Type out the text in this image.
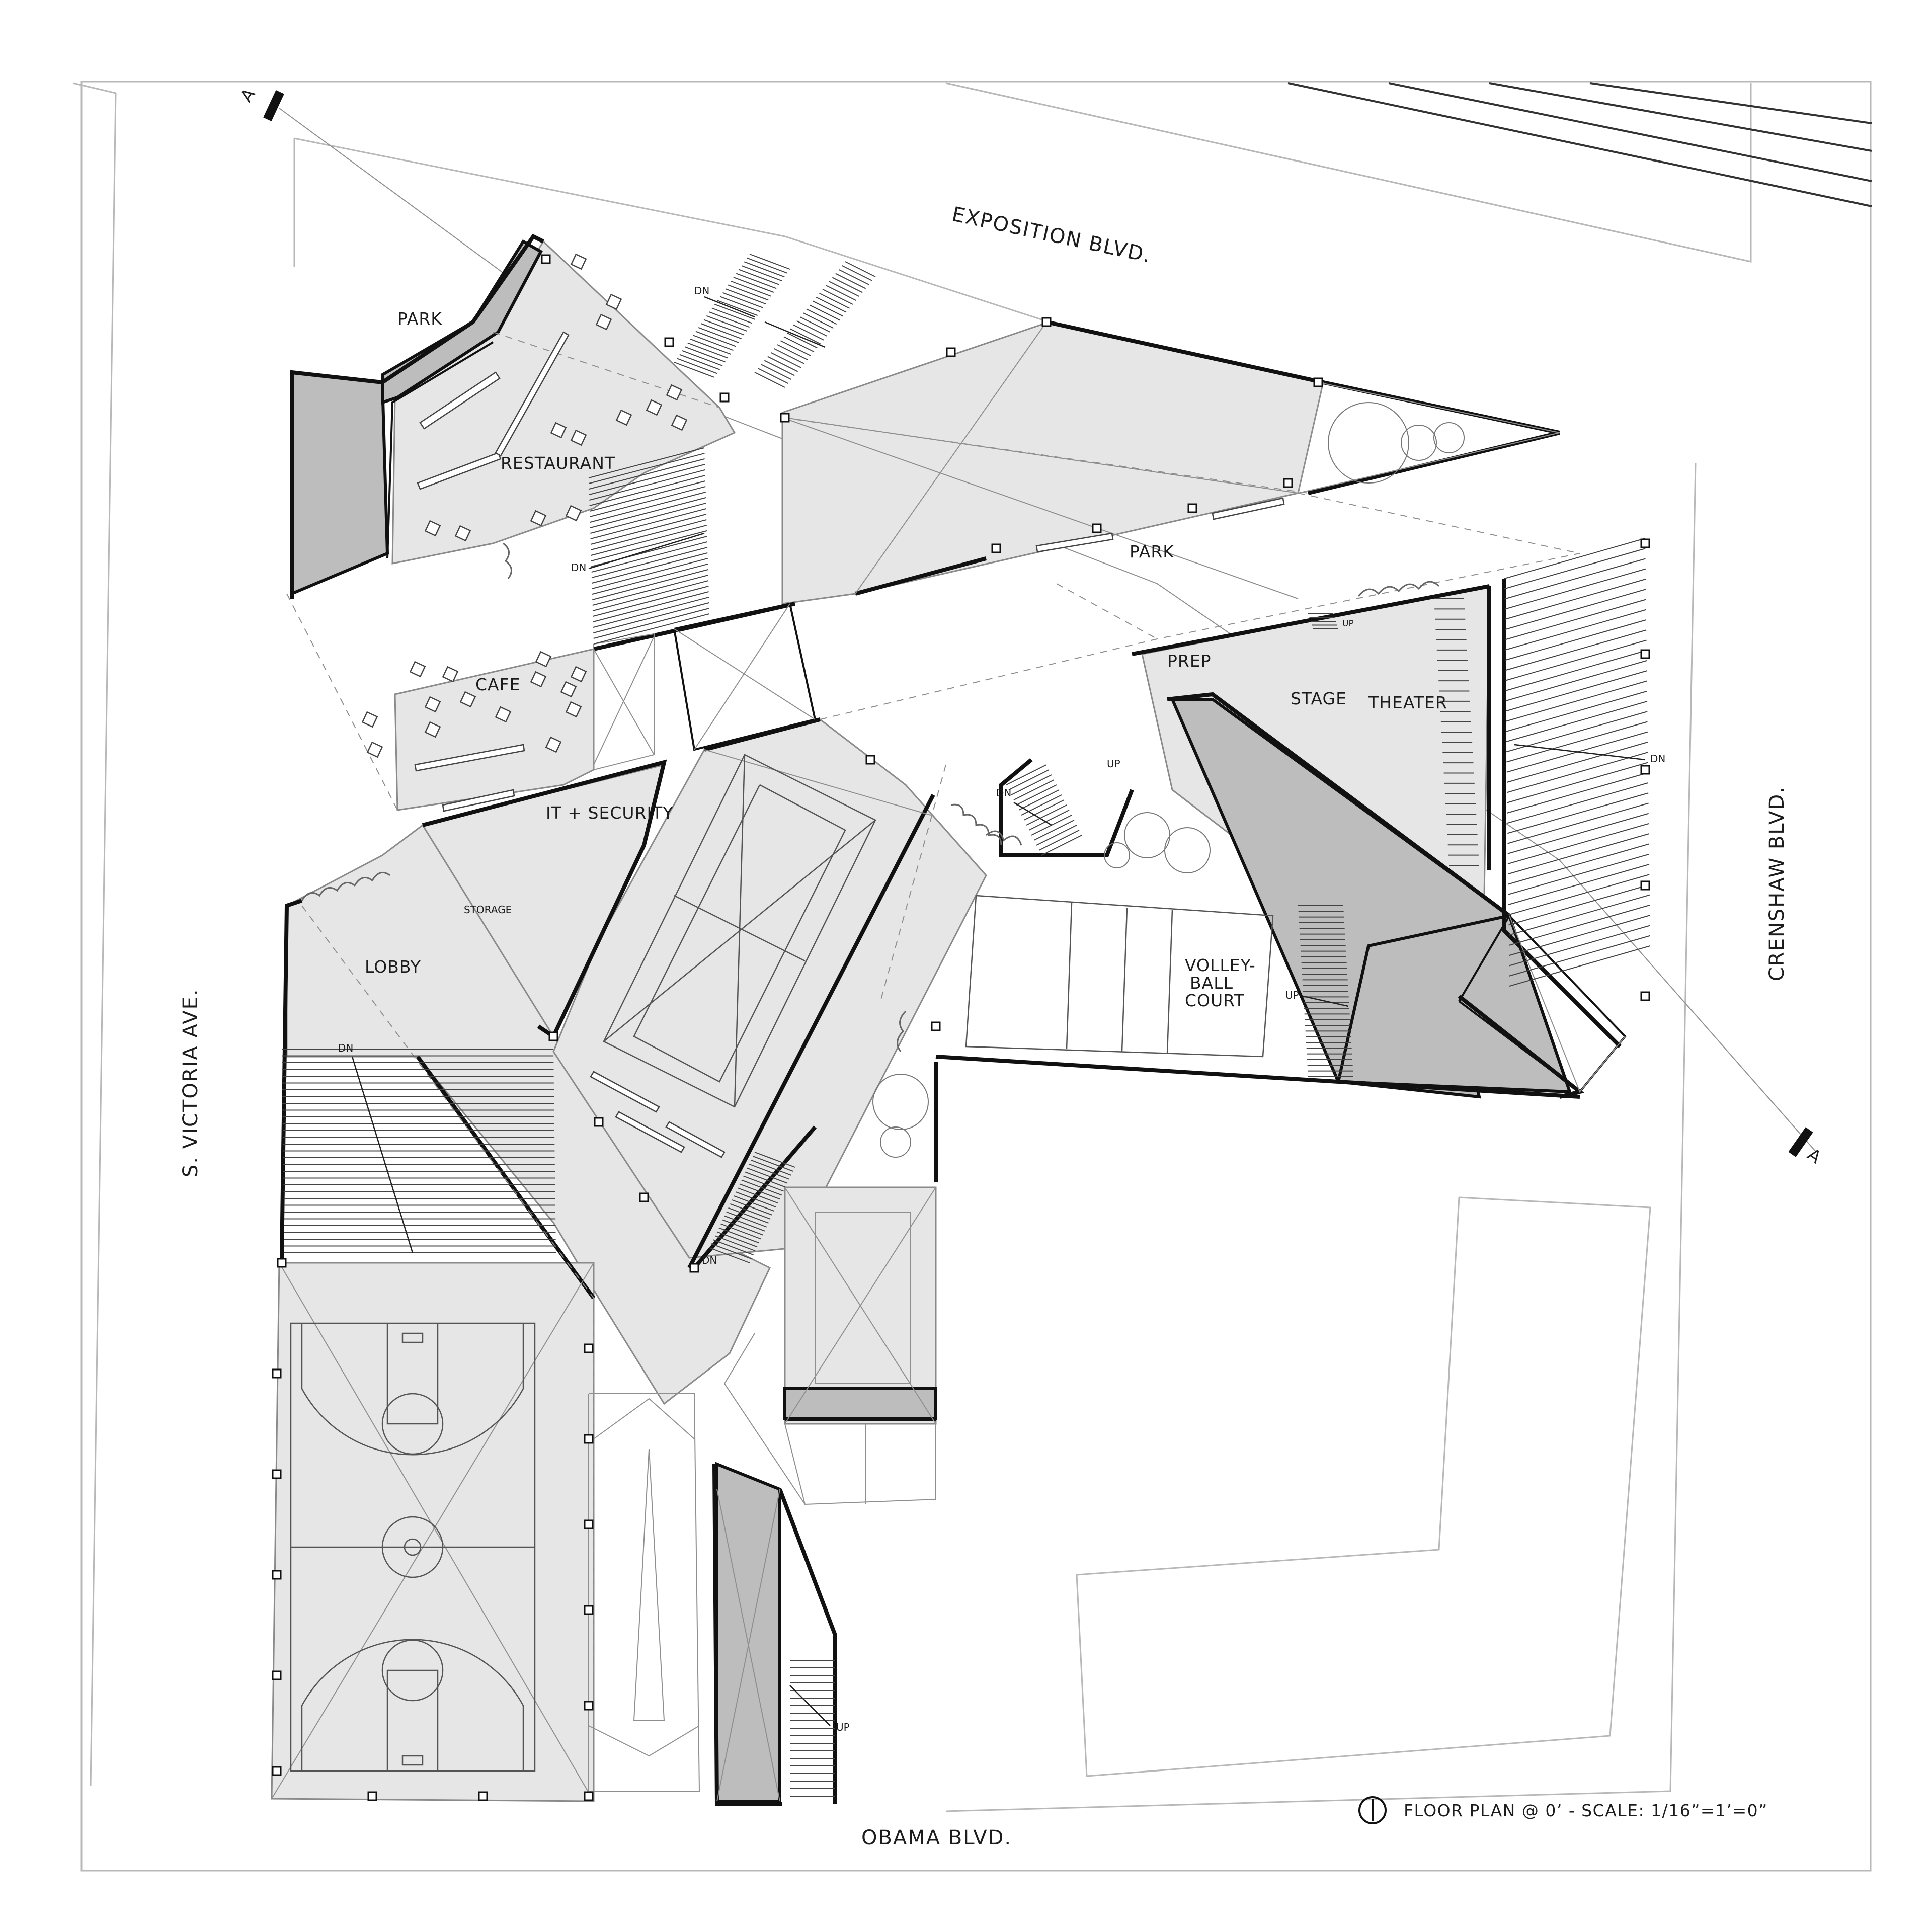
PARK
RESTAURANT
PARK
CAFE
IT + SECURITY
STORAGE
LOBBY
PREP
STAGE THEATER
VOLLEY-
BALL
COURT
DN
DN
DN
DN
DN
DN
UP
UP
UP
UP
EXPOSITION BLVD.
CRENSHAW BLVD.
OBAMA BLVD.
S. VICTORIA AVE.
A
A
FLOOR PLAN @ 0’ - SCALE: 1/16”=1’=0”
